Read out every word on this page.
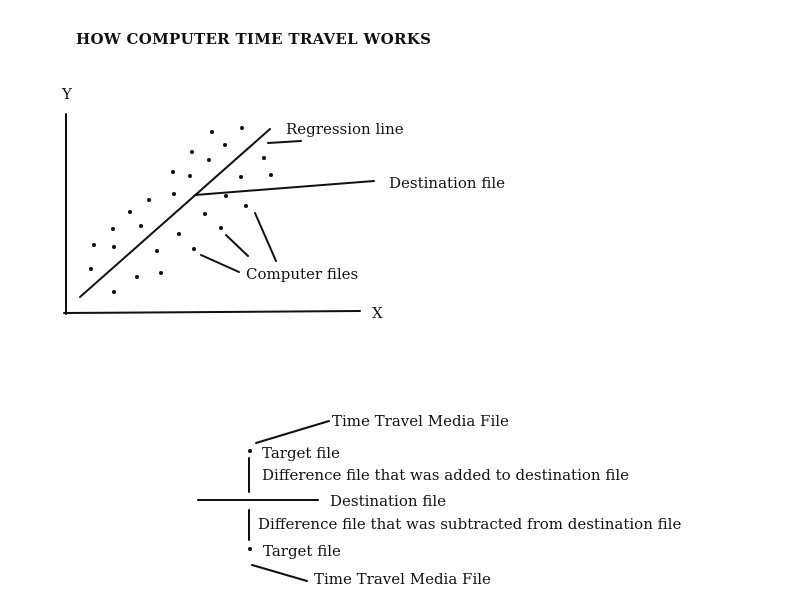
HOW COMPUTER TIME TRAVEL WORKS
Y
X
Regression line
Destination file
Computer files
Time Travel Media File
Target file
Difference file that was added to destination file
Destination file
Difference file that was subtracted from destination file
Target file
Time Travel Media File
